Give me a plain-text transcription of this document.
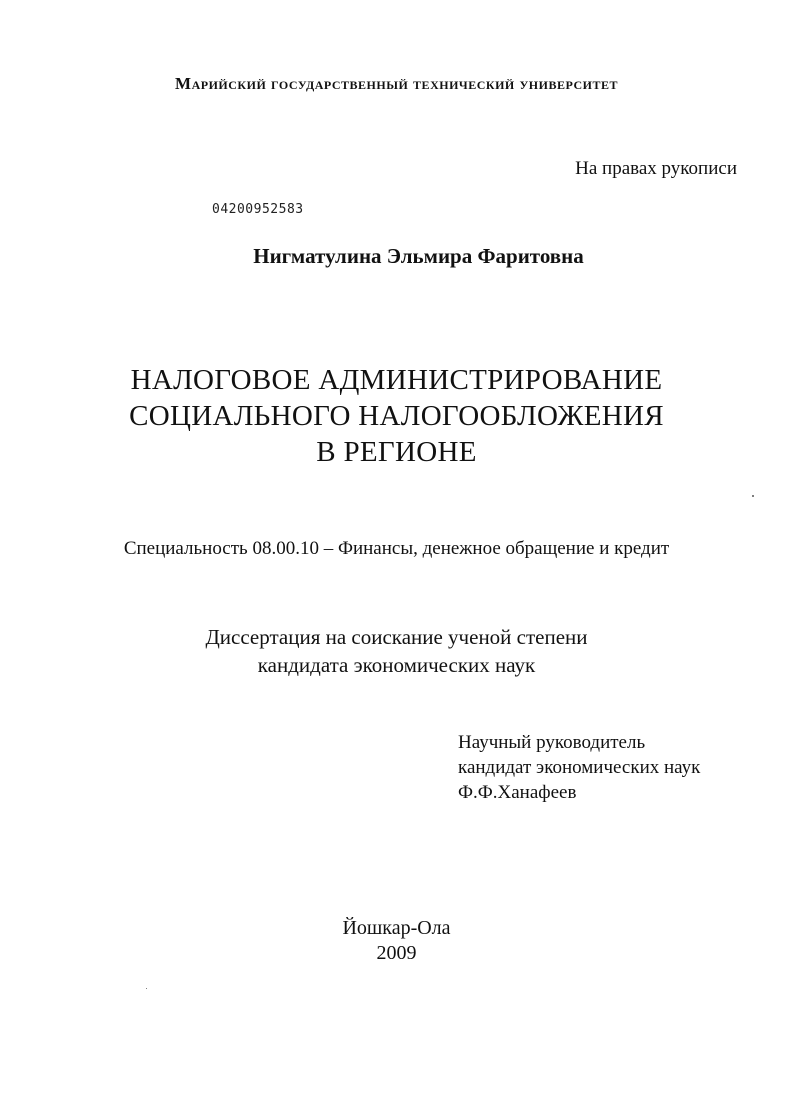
Марийский государственный технический университет
На правах рукописи
04200952583
Нигматулина Эльмира Фаритовна
НАЛОГОВОЕ АДМИНИСТРИРОВАНИЕ
СОЦИАЛЬНОГО НАЛОГООБЛОЖЕНИЯ
В РЕГИОНЕ
Специальность 08.00.10 – Финансы, денежное обращение и кредит
Диссертация на соискание ученой степени
кандидата экономических наук
Научный руководитель
кандидат экономических наук
Ф.Ф.Ханафеев
Йошкар-Ола
2009
